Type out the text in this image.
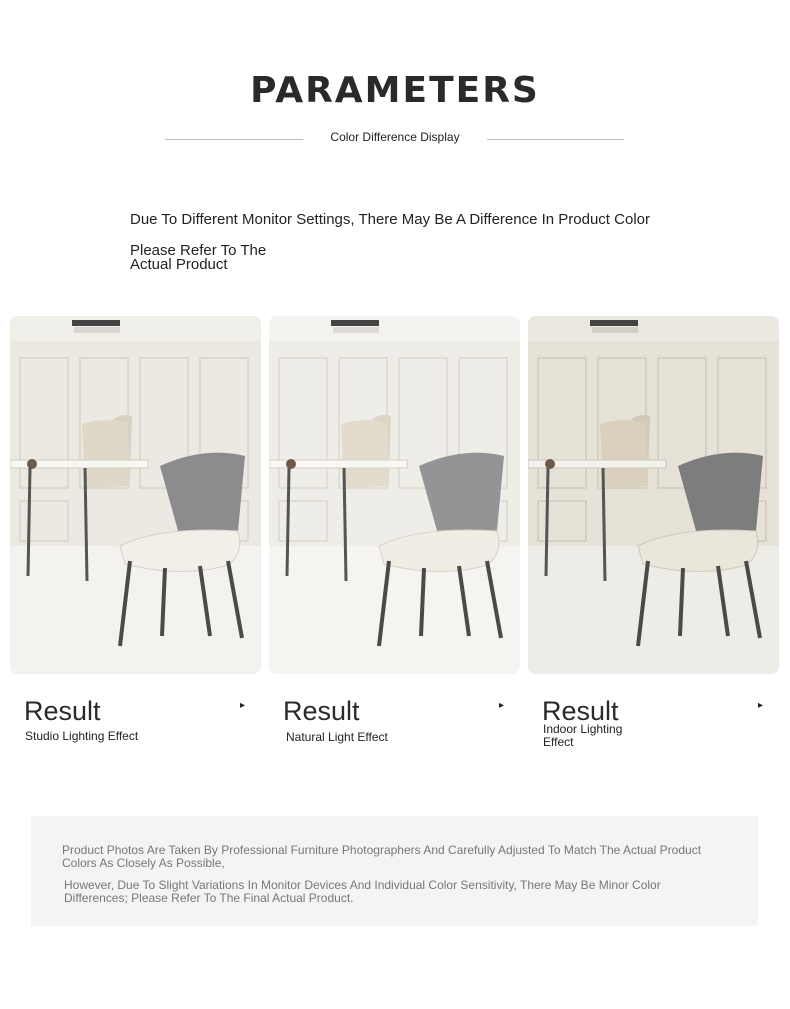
PARAMETERS
Color Difference Display
Due To Different Monitor Settings, There May Be A Difference In Product Color
Please Refer To The Actual Product
Result	▸
Studio Lighting Effect
Result	▸
Natural Light Effect
Result	▸
Indoor Lighting Effect
Product Photos Are Taken By Professional Furniture Photographers And Carefully Adjusted To Match The Actual Product Colors As Closely As Possible,
However, Due To Slight Variations In Monitor Devices And Individual Color Sensitivity, There May Be Minor Color Differences; Please Refer To The Final Actual Product.
